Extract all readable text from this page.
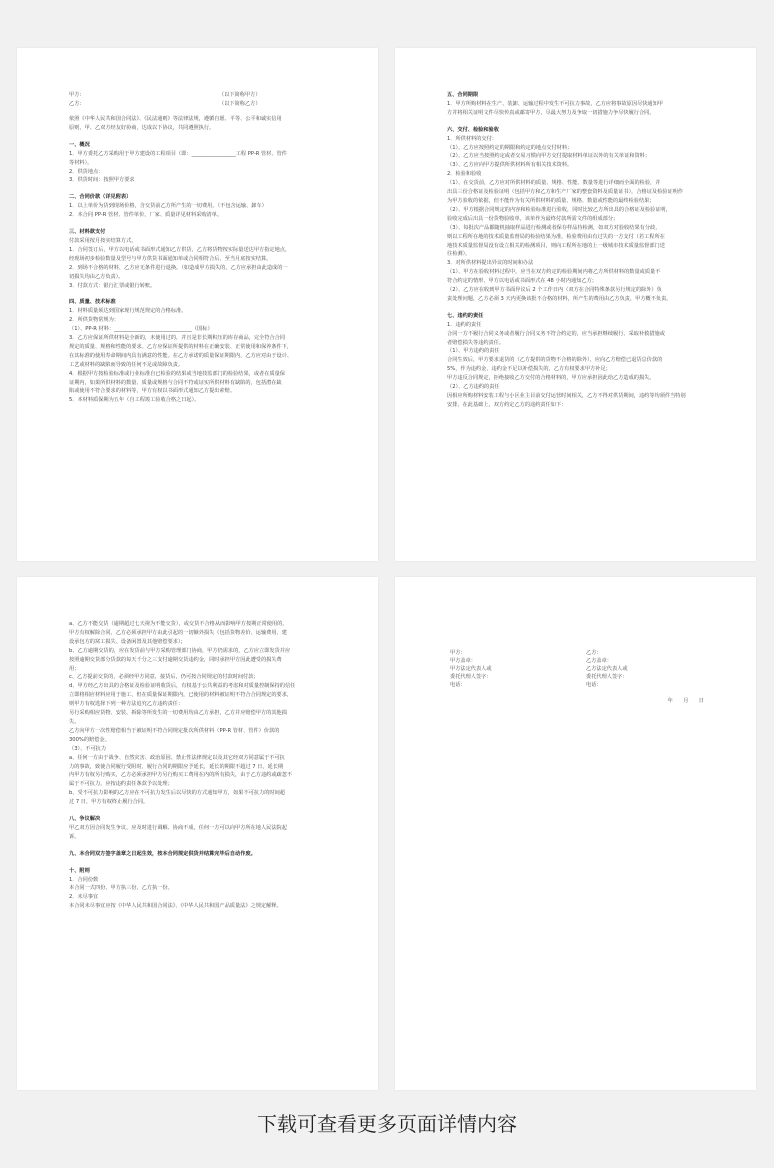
甲方：	（以下简称甲方）
乙方：	（以下简称乙方）
依照《中华人民共和国合同法》、《民法通则》等法律法规，遵循自愿、平等、公平和诚实信用
原则，甲、乙双方经友好协商，达成以下协议，共同遵照执行。
一、概况
1．甲方委托乙方采购用于甲方建设的工程项目（即：_________________工程 PP-R 管材、管件
等材料）。
2．供货地点：
3．供货时间：按照甲方要求
二、合同价款（详见附表）
1．以上单价为货到现场价格，含交货前乙方所产生的一切费用。（不包含运输、卸车）
2．本合同 PP-R 管材、管件单价，厂家、质量详见材料采购清单。
三、材料款支付
付款采用按月按实结算方式。
1．合同签订后，甲方以电话或书面形式通知乙方供货，乙方将货物按实际量送达甲方指定地点，
经现场初步检验数量及型号与甲方供货书面通知单或合同相符合后，至当月底按实结算。
2．到场不合格的材料，乙方应无条件进行退换。（如造成甲方损失的，乙方应承担由此造成的一
切损失均由乙方负责）。
3．付款方式：银行汇票或银行转账。
四、质量、技术标准
1．材料质量须达到国家现行规范规定的合格标准。
2．所供货物常规为：
（1）、PP-R 材料：______________________________（国标）
3．乙方应保证所供材料是全新的，未使用过的，并且是非长期积压的库存商品，完全符合合同
规定的质量、规格和性能的要求。乙方应保证所提供的材料在正确安装、正常使用和保养条件下，
在其标准的使用寿命期间内具有满意的性能。在乙方承诺的质量保证期限内，乙方应对由于设计、
工艺或材料的缺陷而导致的任何不足或故障负责。
4．根据甲方按检验标准或行业标准自已检验的结果或当地技监部门的检验结果，或者在质量保
证期内，如果所供材料的数量、质量或规格与合同不符或证实所供材料有缺陷的，包括潜在缺
陷或使用不符合要求的材料等，甲方有权以书面形式通知乙方提出索赔。
5．本材料质保期为五年（自工程竣工验收合格之日起）。
五、合同期限
1．甲方所购材料在生产、装卸、运输过程中发生不可抗力事故，乙方应将事故原因尽快通知甲
方并将相关证明文件尽快传真或邮寄甲方，尽最大努力及争取一切措施力争尽快履行合同。
六、交付、检验和验收
1．所供材料的交付：
（1）、乙方应按照约定的期限和约定的地点交付材料；
（2）、乙方应当按照约定或者交易习惯向甲方交付提取材料单证以外的有关单证和资料；
（3）、乙方应向甲方提供所供材料所有相关技术资料。
2．检验和验收
（1）、在交货前，乙方应对所供材料的质量、规格、性能、数量等进行详细而全面的检验，并
出具三份合格证及检验证明（包括甲方和乙方和生产厂家的整套资料及质量证书），合格证及检验证明作
为甲方验收的依据，但不能作为有关所供材料的质量、规格、数量或性能的最终检验结果；
（2）、甲方根据合同规定的内容和检验标准进行验收，同时比较乙方所出具的合格证及检验证明，
验收完成后出具一份货物验收单，该单作为最终付款所需文件的组成部分；
（3）、每批次产品都随机抽取样品进行检测或者保存样品待检测，如双方对验收结果有分歧，
则以工程所在地的技术质量监督局的检验结果为准，检验费用由有过失的一方支付（若工程所在
地技术质量监督局没有设立相关的检测项目，则向工程所在地的上一级城市技术质量监督部门送
往检测）。
3．对所供材料提出异议的时间和办法
（1）、甲方在验收材料过程中，应当在双方约定的检验期间内将乙方所供材料的数量或质量不
符合约定的情形，甲方以电话或书面形式在 48 小时内通知乙方；
（2）、乙方应在收到甲方书面异议后 2 个工作日内（双方在合同特殊条款另行规定的除外）负
责处理问题，乙方必须 3 天内更换该批不合格的材料，所产生的费用由乙方负责，甲方概不负责。
七、违约的责任
1．违约的责任
合同一方不履行合同义务或者履行合同义务不符合约定的，应当承担继续履行、采取补救措施或
者赔偿损失等违约责任。
（1）、甲方违约的责任
合同生效后，甲方要求退货的（乙方提供的货物不合格的除外），应向乙方赔偿已退货总价款的
5%，作为违约金，违约金不足以补偿损失的，乙方有权要求甲方补足；
甲方违反合同规定，拒绝接收乙方交付的合格材料的，甲方应承担因此给乙方造成的损失。
（2）、乙方违约的责任
因相应所购材料安装工程与小区业主目前交付运营时间相关，乙方不得对供货期间，违约等均须件当特别
安排，在此基础上，双方约定乙方的违约责任如下：
a、乙方不能交货（逾期超过七天视为不能交货），或交货不合格从而影响甲方按期正常使用的，
甲方有权解除合同，乙方必须承担甲方由此引起的一切额外损失（包括货物差价、运输费用、建
设承包方的窝工损失、设备闲置及其他赔偿要求）；
b、乙方逾期交货的，应在发货前与甲方采购管理部门协商，甲方仍需求的，乙方应立即发货并应
按照逾期交货部分货款的每天千分之三支付逾期交货违约金，同时承担甲方因此遭受的损失费
用；
c、乙方提前交货的，必须经甲方同意，接货后，仍可按合同规定的付款时间付款；
d、甲方经乙方出具的合格证及检验证明收货后，有权基于公共利益的考虑和对质量控制保持的信任
立即将相应材料应用于施工，但在质量保证期限内，已使用的材料被证明不符合合同规定的要求，
则甲方有权选择下列一种方法追究乙方违约责任：
另行采购相应货物、安装、拆除等所发生的一切费用均由乙方承担，乙方并应赔偿甲方的其他损
失。
乙方向甲方一次性赔偿相当于被证明不符合同规定批次所供材料（PP-R 管材、管件）价款的
300%的赔偿金。
（3）、不可抗力
a、任何一方由于战争、自然灾害、政治原因、禁止性法律规定以及其它经双方同意属于不可抗
力的事故，致使合同履行受阻时，履行合同的期限应予延长，延长的期限不超过 7 日，延长期
内甲方有权另行购买，乙方必须承担甲方另行购买工费用在内的所有损失，由于乙方违约或疏忽不
属于不可抗力，应按违约责任条款予以处理；
b、受不可抗力影响的乙方应在不可抗力发生后以尽快的方式通知甲方，如果不可抗力的时间超
过 7 日，甲方有权终止履行合同。
八、争议解决
甲乙双方因合同发生争议，应及时进行调解、协商不成，任何一方可以向甲方所在地人民法院起
诉。
九、本合同双方签字盖章之日起生效，按本合同规定供货并结算完毕后自动作废。
十、附则
1．合同份数
本合同一式四份，甲方执三份，乙方执一份。
2．未尽事宜
本合同未尽事宜应按《中华人民共和国合同法》、《中华人民共和国产品质量法》之规定解释。
甲方：	乙方：
甲方盖章：	乙方盖章：
甲方法定代表人或	乙方法定代表人或
委托代理人签字：	委托代理人签字：
电话：	电话：
年　　月　　日
下载可查看更多页面详情内容
